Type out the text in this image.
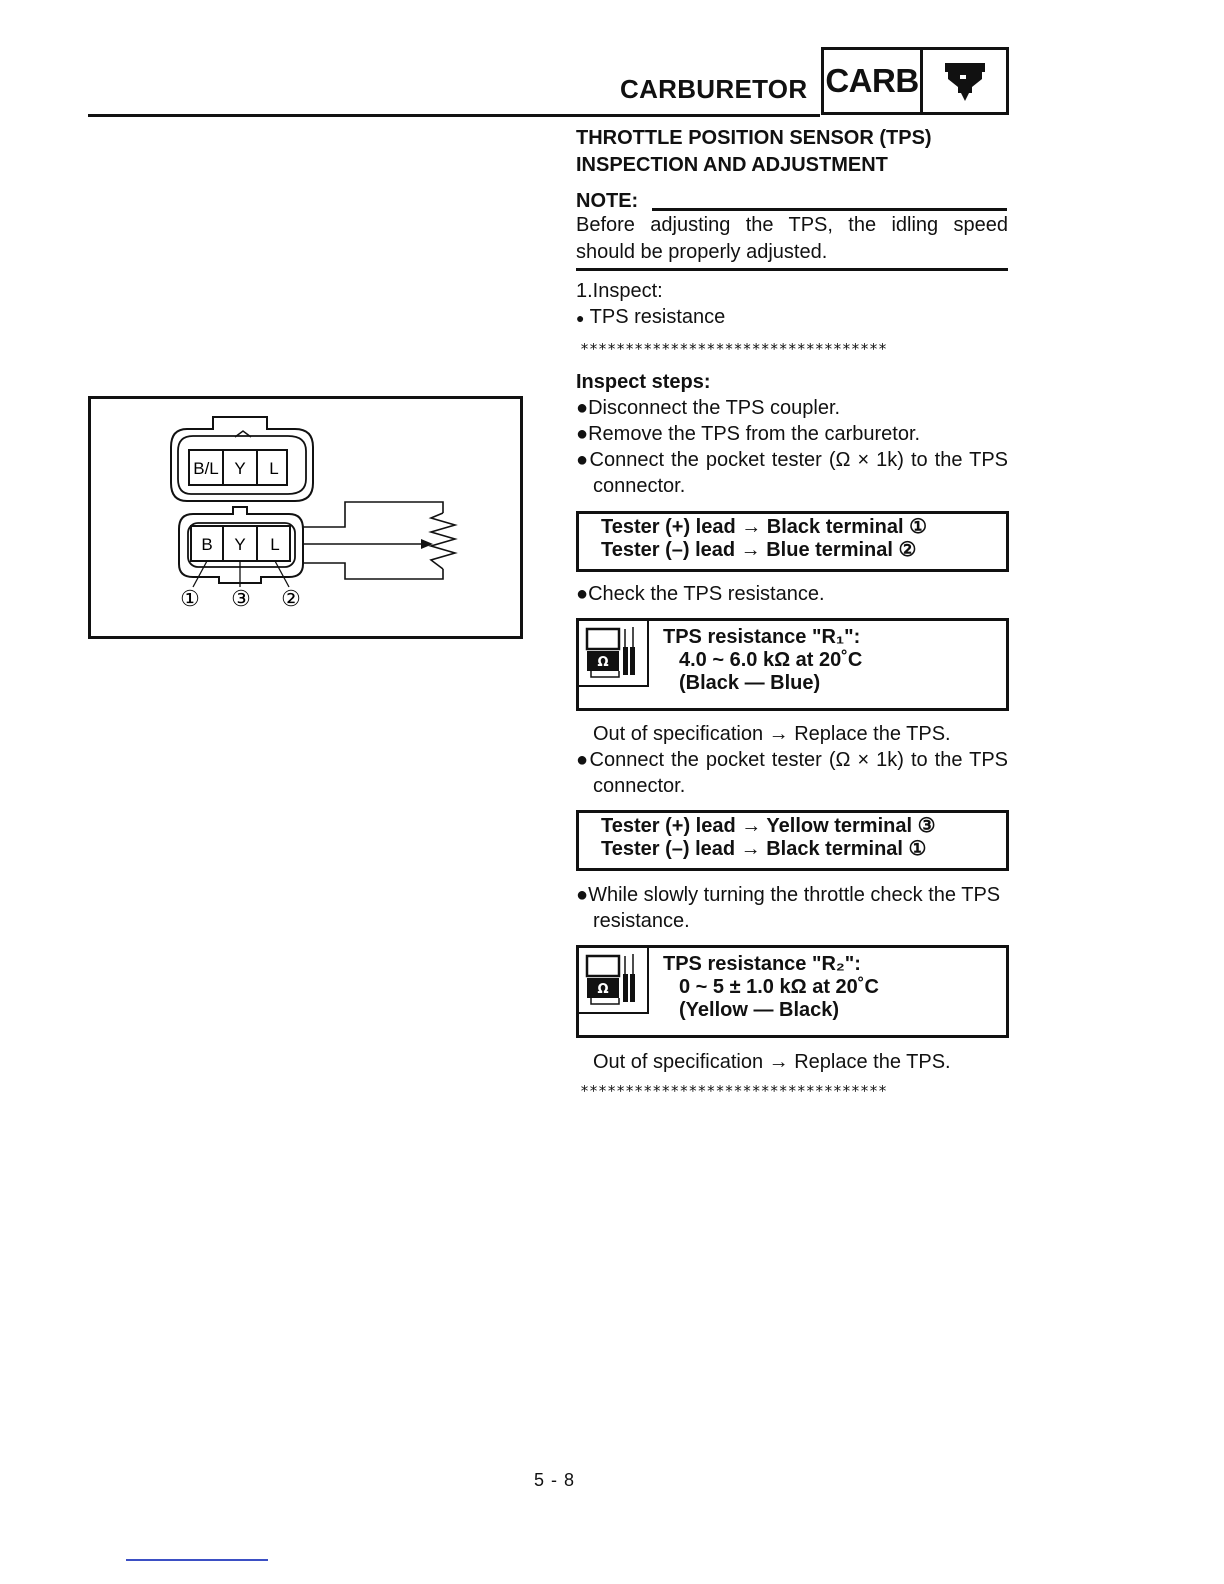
CARBURETOR CARB
THROTTLE POSITION SENSOR (TPS)
INSPECTION AND ADJUSTMENT
NOTE:
Before adjusting the TPS, the idling speed should be properly adjusted.
1.Inspect:
● TPS resistance
**********************************
Inspect steps:
●Disconnect the TPS coupler.
●Remove the TPS from the carburetor.
●Connect the pocket tester (Ω × 1k) to the TPS connector.
Tester (+) lead → Black terminal ①
Tester (–) lead → Blue terminal ②
●Check the TPS resistance.
Ω
TPS resistance "R₁":
4.0 ~ 6.0 kΩ at 20˚C
(Black — Blue)
Out of specification → Replace the TPS.
●Connect the pocket tester (Ω × 1k) to the TPS connector.
Tester (+) lead → Yellow terminal ③
Tester (–) lead → Black terminal ①
●While slowly turning the throttle check the TPS resistance.
Ω
TPS resistance "R₂":
0 ~ 5 ± 1.0 kΩ at 20˚C
(Yellow — Black)
Out of specification → Replace the TPS.
**********************************
B/L Y L
B Y L
① ③ ②
5 - 8
